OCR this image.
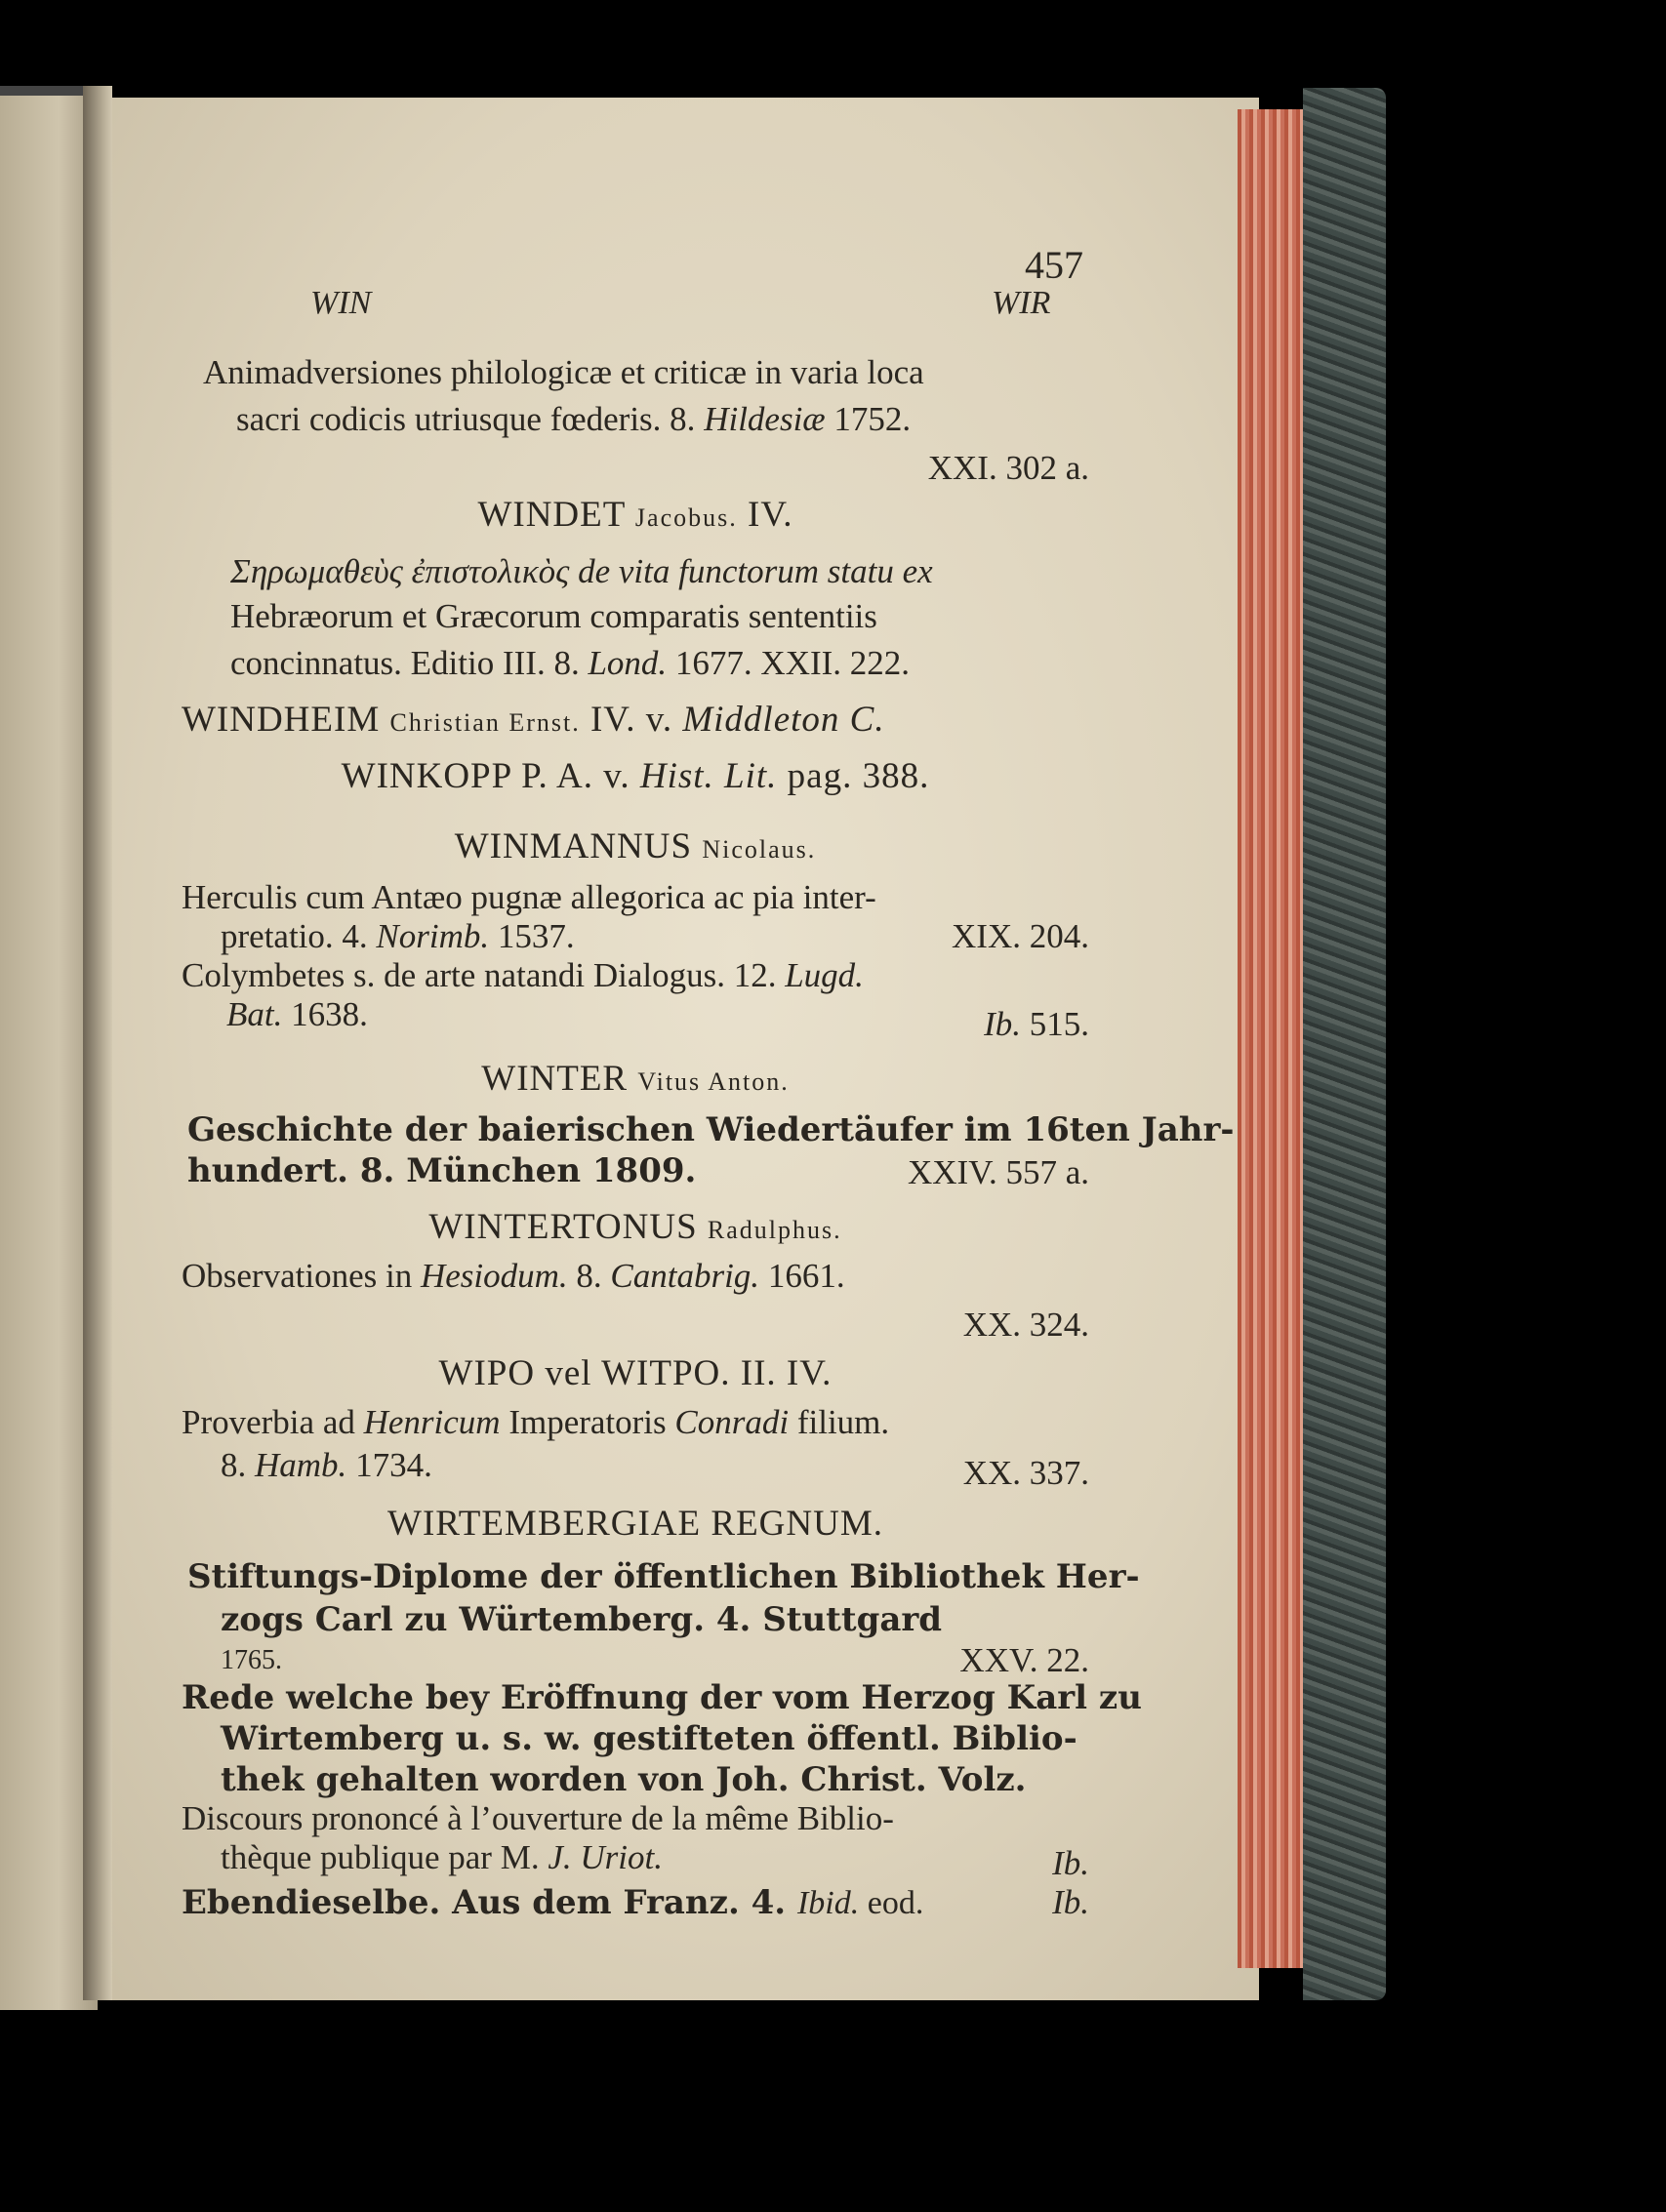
457
WIN	WIR
Animadversiones philologicæ et criticæ in varia loca
sacri codicis utriusque fœderis. 8. Hildesiæ 1752.
XXI. 302 a.
WINDET Jacobus. IV.
Σηρωμαθεὺς ἐπιστολικὸς de vita functorum statu ex
Hebræorum et Græcorum comparatis sententiis
concinnatus. Editio III. 8. Lond. 1677. XXII. 222.
WINDHEIM Christian Ernst. IV. v. Middleton C.
WINKOPP P. A. v. Hist. Lit. pag. 388.
WINMANNUS Nicolaus.
Herculis cum Antæo pugnæ allegorica ac pia inter-
pretatio. 4. Norimb. 1537.	XIX. 204.
Colymbetes s. de arte natandi Dialogus. 12. Lugd.
Bat. 1638.	Ib. 515.
WINTER Vitus Anton.
Geschichte der baierischen Wiedertäufer im 16ten Jahr-
hundert. 8. München 1809.	XXIV. 557 a.
WINTERTONUS Radulphus.
Observationes in Hesiodum. 8. Cantabrig. 1661.
XX. 324.
WIPO vel WITPO. II. IV.
Proverbia ad Henricum Imperatoris Conradi filium.
8. Hamb. 1734.	XX. 337.
WIRTEMBERGIAE REGNUM.
Stiftungs-Diplome der öffentlichen Bibliothek Her-
zogs Carl zu Würtemberg. 4. Stuttgard
1765.	XXV. 22.
Rede welche bey Eröffnung der vom Herzog Karl zu
Wirtemberg u. s. w. gestifteten öffentl. Biblio-
thek gehalten worden von Joh. Christ. Volz.
Discours prononcé à l’ouverture de la même Biblio-
thèque publique par M. J. Uriot.	Ib.
Ebendieselbe. Aus dem Franz. 4. Ibid. eod.	Ib.
